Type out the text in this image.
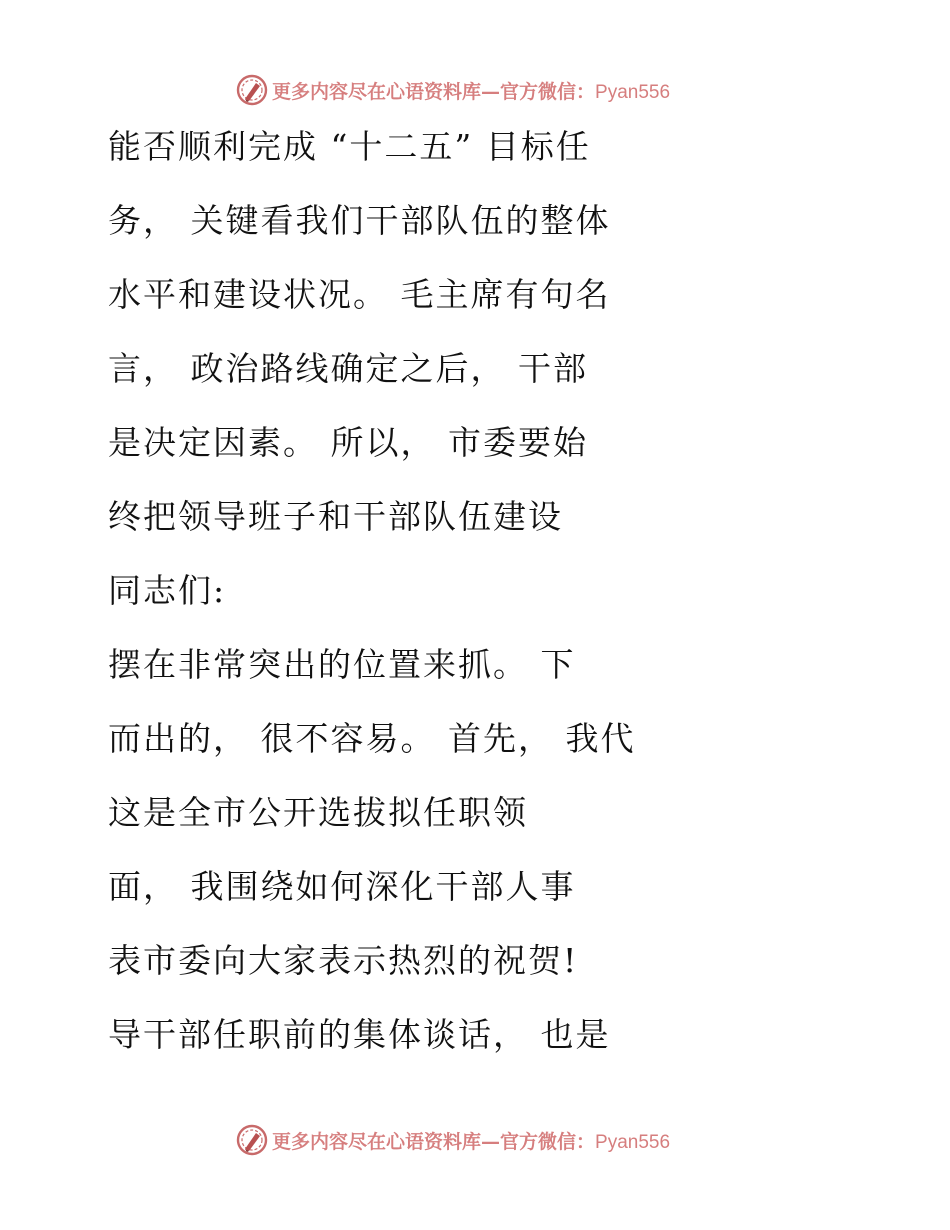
更多内容尽在心语资料库—官方微信：Pyan556
能否顺利完成 “十二五” 目标任
务， 关键看我们干部队伍的整体
水平和建设状况。 毛主席有句名
言， 政治路线确定之后， 干部
是决定因素。 所以， 市委要始
终把领导班子和干部队伍建设
同志们:
摆在非常突出的位置来抓。 下
而出的， 很不容易。 首先， 我代
这是全市公开选拔拟任职领
面， 我围绕如何深化干部人事
表市委向大家表示热烈的祝贺!
导干部任职前的集体谈话， 也是
更多内容尽在心语资料库—官方微信：Pyan556
